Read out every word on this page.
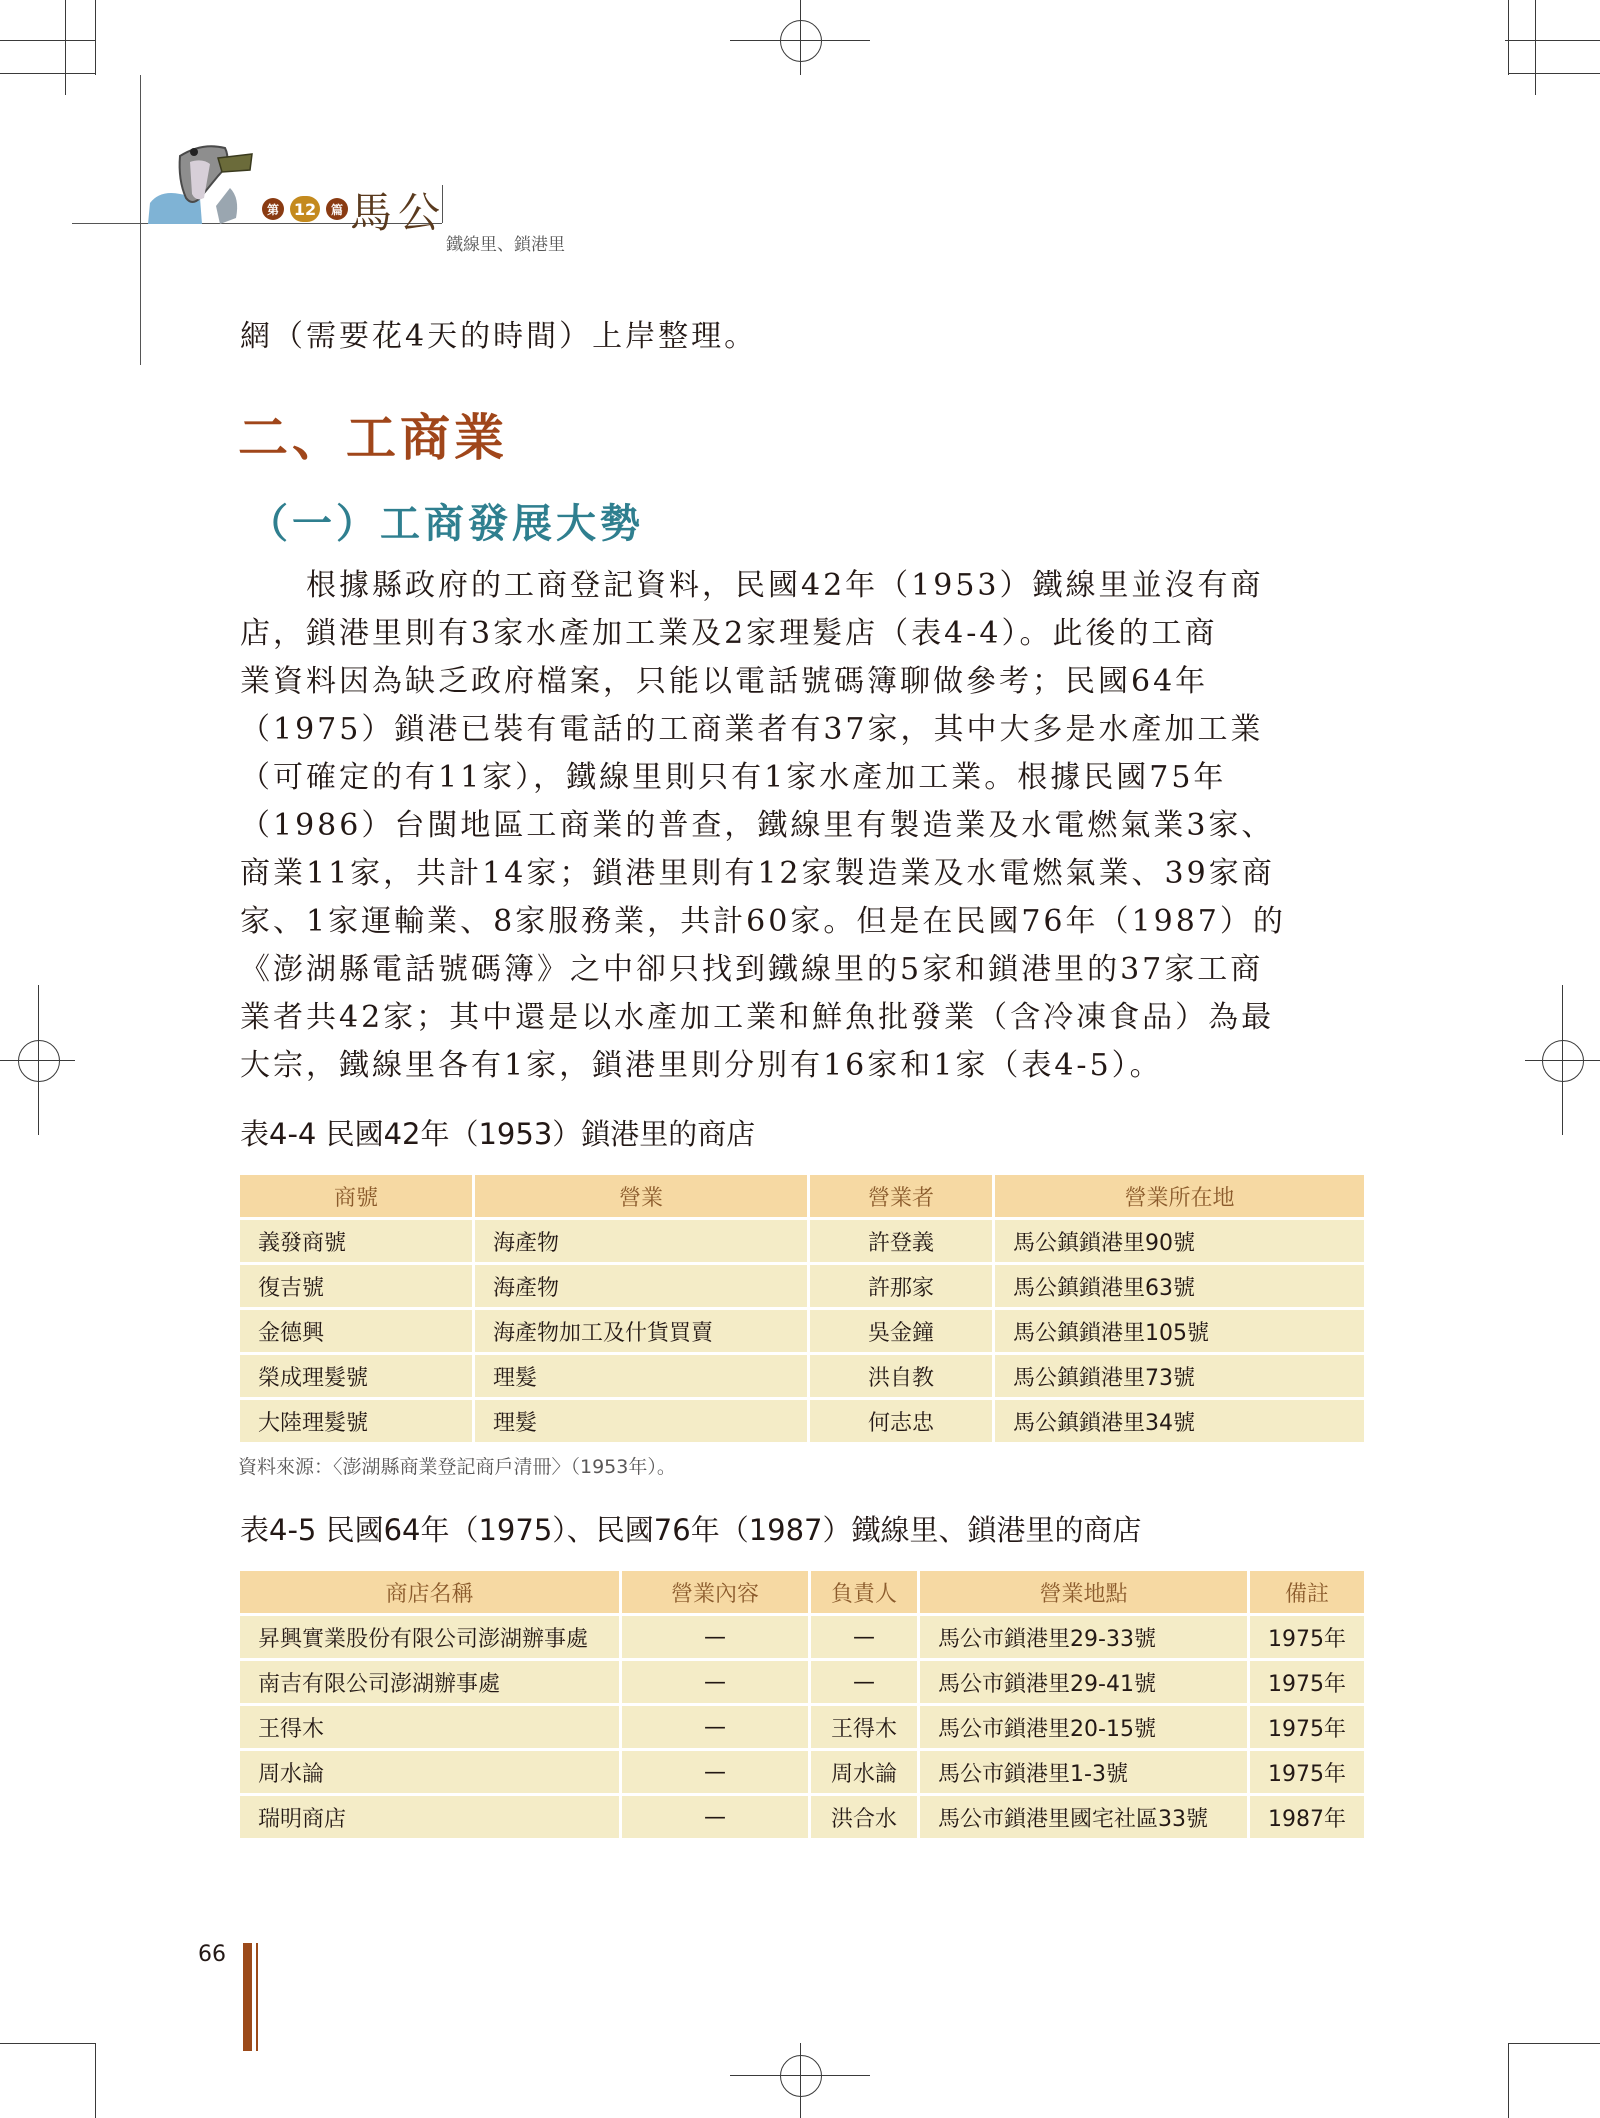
第 12	篇 馬公
鐵線里、鎖港里
網（需要花4天的時間）上岸整理。
二、工商業
（一）工商發展大勢
　　根據縣政府的工商登記資料，民國42年（1953）鐵線里並沒有商
店，鎖港里則有3家水產加工業及2家理髮店（表4-4）。此後的工商
業資料因為缺乏政府檔案，只能以電話號碼簿聊做參考；民國64年
（1975）鎖港已裝有電話的工商業者有37家，其中大多是水產加工業
（可確定的有11家），鐵線里則只有1家水產加工業。根據民國75年
（1986）台閩地區工商業的普查，鐵線里有製造業及水電燃氣業3家、
商業11家，共計14家；鎖港里則有12家製造業及水電燃氣業、39家商
家、1家運輸業、8家服務業，共計60家。但是在民國76年（1987）的
《澎湖縣電話號碼簿》之中卻只找到鐵線里的5家和鎖港里的37家工商
業者共42家；其中還是以水產加工業和鮮魚批發業（含冷凍食品）為最
大宗，鐵線里各有1家，鎖港里則分別有16家和1家（表4-5）。
表4-4 民國42年（1953）鎖港里的商店
商號	營業	營業者	營業所在地
義發商號	海產物	許登義	馬公鎮鎖港里90號
復吉號	海產物	許那家	馬公鎮鎖港里63號
金德興	海產物加工及什貨買賣	吳金鐘	馬公鎮鎖港里105號
榮成理髮號	理髮	洪自教	馬公鎮鎖港里73號
大陸理髮號	理髮	何志忠	馬公鎮鎖港里34號
資料來源：〈澎湖縣商業登記商戶清冊〉（1953年）。
表4-5 民國64年（1975）、民國76年（1987）鐵線里、鎖港里的商店
商店名稱	營業內容	負責人	營業地點	備註
昇興實業股份有限公司澎湖辦事處	—	—	馬公市鎖港里29-33號	1975年
南吉有限公司澎湖辦事處	—	—	馬公市鎖港里29-41號	1975年
王得木	—	王得木	馬公市鎖港里20-15號	1975年
周水論	—	周水論	馬公市鎖港里1-3號	1975年
瑞明商店	—	洪合水	馬公市鎖港里國宅社區33號	1987年
66
